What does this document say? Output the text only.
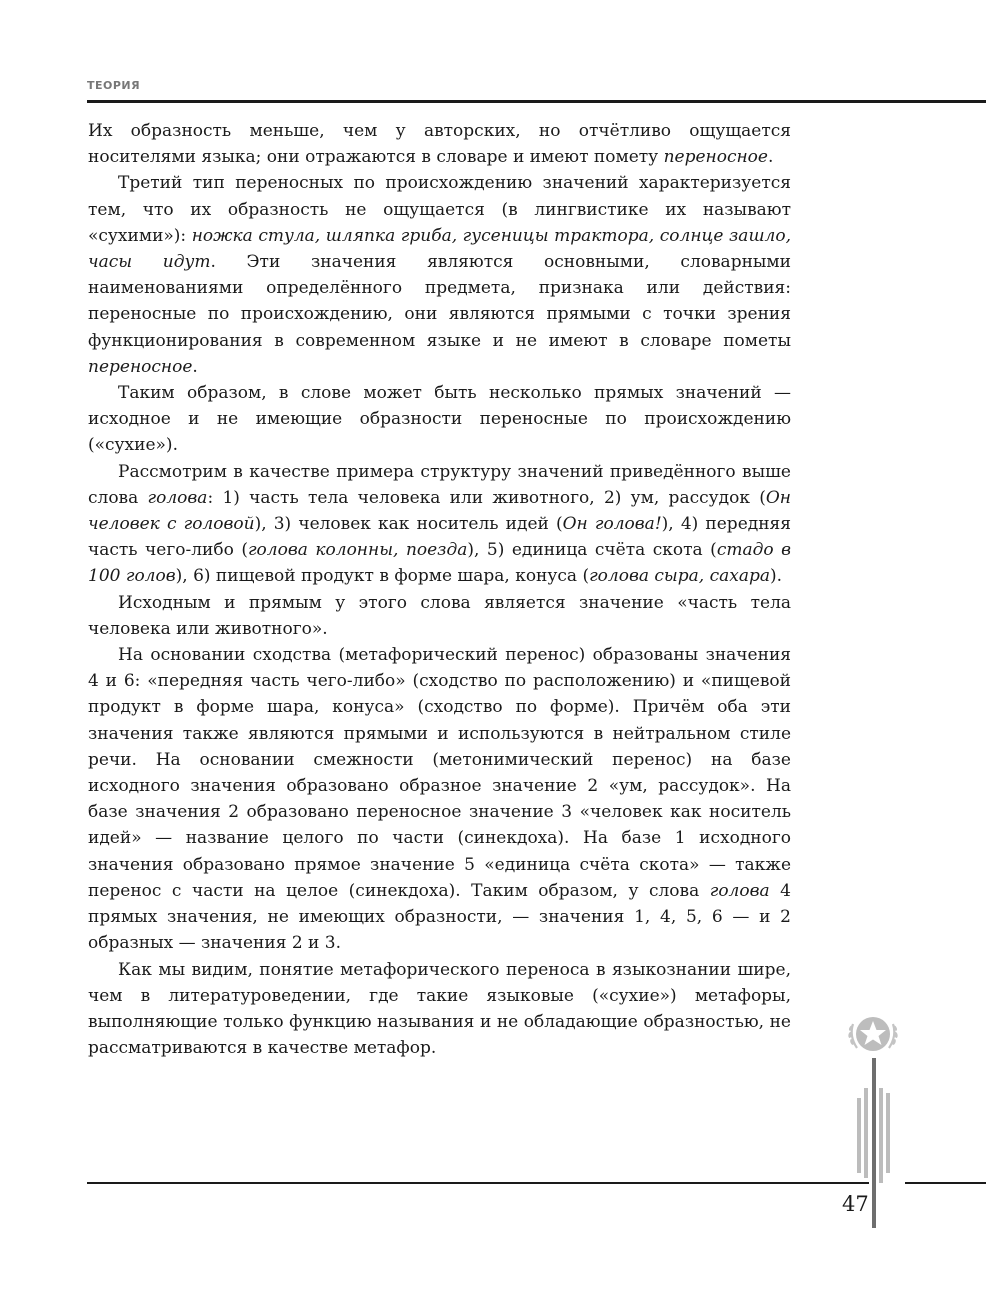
ТЕОРИЯ

Их образность меньше, чем у авторских, но отчётливо ощущается носителями языка; они отражаются в словаре и имеют помету переносное.

Третий тип переносных по происхождению значений характеризуется тем, что их образность не ощущается (в лингвистике их называют «сухими»): ножка стула, шляпка гриба, гусеницы трактора, солнце зашло, часы идут. Эти значения являются основными, словарными наименованиями определённого предмета, признака или действия: переносные по происхождению, они являются прямыми с точки зрения функционирования в современном языке и не имеют в словаре пометы переносное.

Таким образом, в слове может быть несколько прямых значений — исходное и не имеющие образности переносные по происхождению («сухие»).

Рассмотрим в качестве примера структуру значений приведённого выше слова голова: 1) часть тела человека или животного, 2) ум, рассудок (Он человек с головой), 3) человек как носитель идей (Он голова!), 4) передняя часть чего-либо (голова колонны, поезда), 5) единица счёта скота (стадо в 100 голов), 6) пищевой продукт в форме шара, конуса (голова сыра, сахара).

Исходным и прямым у этого слова является значение «часть тела человека или животного».

На основании сходства (метафорический перенос) образованы значения 4 и 6: «передняя часть чего-либо» (сходство по расположению) и «пищевой продукт в форме шара, конуса» (сходство по форме). Причём оба эти значения также являются прямыми и используются в нейтральном стиле речи. На основании смежности (метонимический перенос) на базе исходного значения образовано образное значение 2 «ум, рассудок». На базе значения 2 образовано переносное значение 3 «человек как носитель идей» — название целого по части (синекдоха). На базе 1 исходного значения образовано прямое значение 5 «единица счёта скота» — также перенос с части на целое (синекдоха). Таким образом, у слова голова 4 прямых значения, не имеющих образности, — значения 1, 4, 5, 6 — и 2 образных — значения 2 и 3.

Как мы видим, понятие метафорического переноса в языкознании шире, чем в литературоведении, где такие языковые («сухие») метафоры, выполняющие только функцию называния и не обладающие образностью, не рассматриваются в качестве метафор.

47
